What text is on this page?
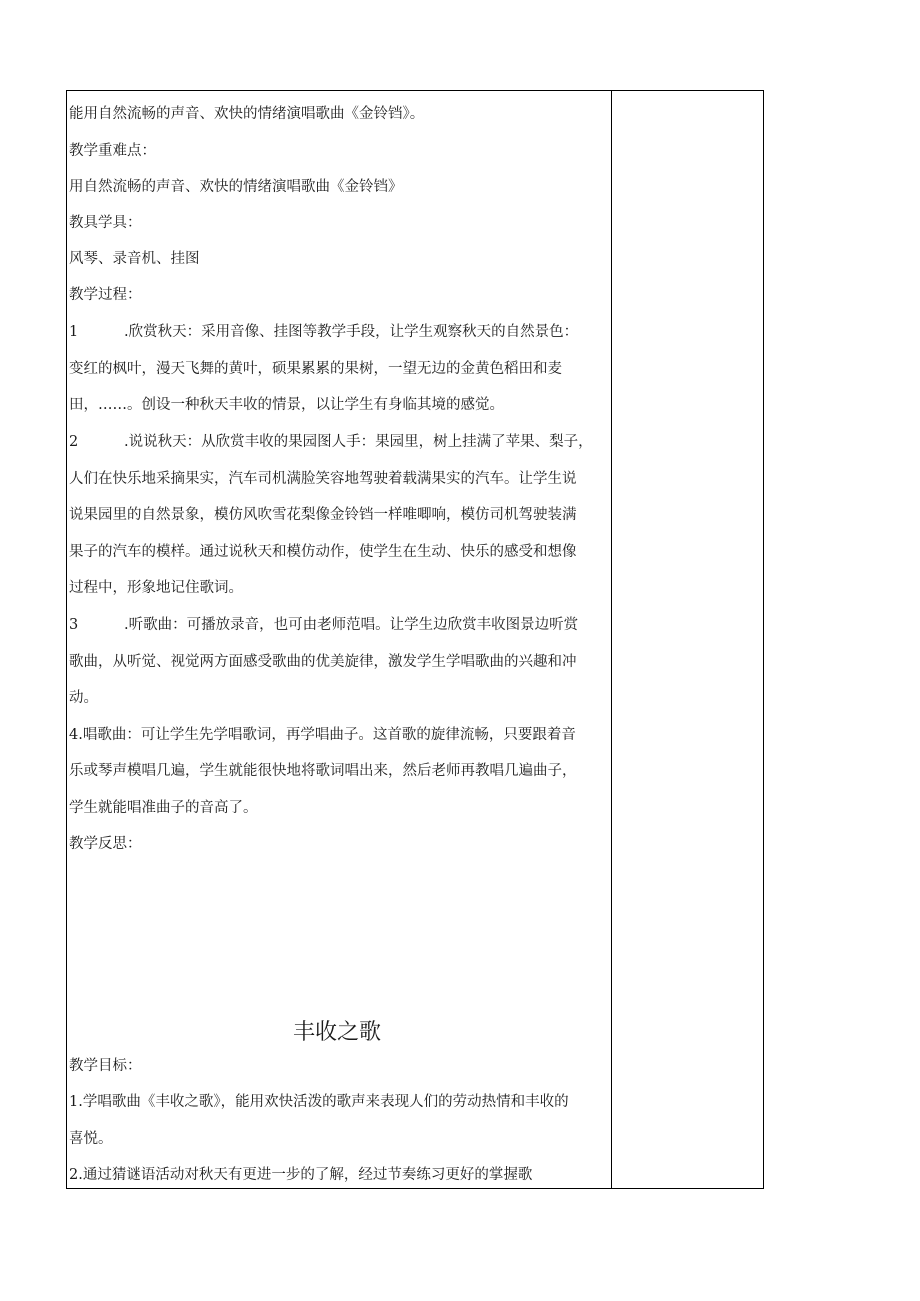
能用自然流畅的声音、欢快的情绪演唱歌曲《金铃铛》。
教学重难点：
用自然流畅的声音、欢快的情绪演唱歌曲《金铃铛》
教具学具：
风琴、录音机、挂图
教学过程：
1	.欣赏秋天：采用音像、挂图等教学手段，让学生观察秋天的自然景色：
变红的枫叶，漫天飞舞的黄叶，硕果累累的果树，一望无边的金黄色稻田和麦
田，……。创设一种秋天丰收的情景，以让学生有身临其境的感觉。
2	.说说秋天：从欣赏丰收的果园图人手：果园里，树上挂满了苹果、梨子，
人们在快乐地采摘果实，汽车司机满脸笑容地驾驶着载满果实的汽车。让学生说
说果园里的自然景象，模仿风吹雪花梨像金铃铛一样唯唧响，模仿司机驾驶装满
果子的汽车的模样。通过说秋天和模仿动作，使学生在生动、快乐的感受和想像
过程中，形象地记住歌词。
3	.听歌曲：可播放录音，也可由老师范唱。让学生边欣赏丰收图景边听赏
歌曲，从听觉、视觉两方面感受歌曲的优美旋律，激发学生学唱歌曲的兴趣和冲
动。
4.唱歌曲：可让学生先学唱歌词，再学唱曲子。这首歌的旋律流畅，只要跟着音
乐或琴声模唱几遍，学生就能很快地将歌词唱出来，然后老师再教唱几遍曲子，
学生就能唱准曲子的音高了。
教学反思：
丰收之歌
教学目标：
1.学唱歌曲《丰收之歌》，能用欢快活泼的歌声来表现人们的劳动热情和丰收的
喜悦。
2.通过猜谜语活动对秋天有更进一步的了解，经过节奏练习更好的掌握歌
